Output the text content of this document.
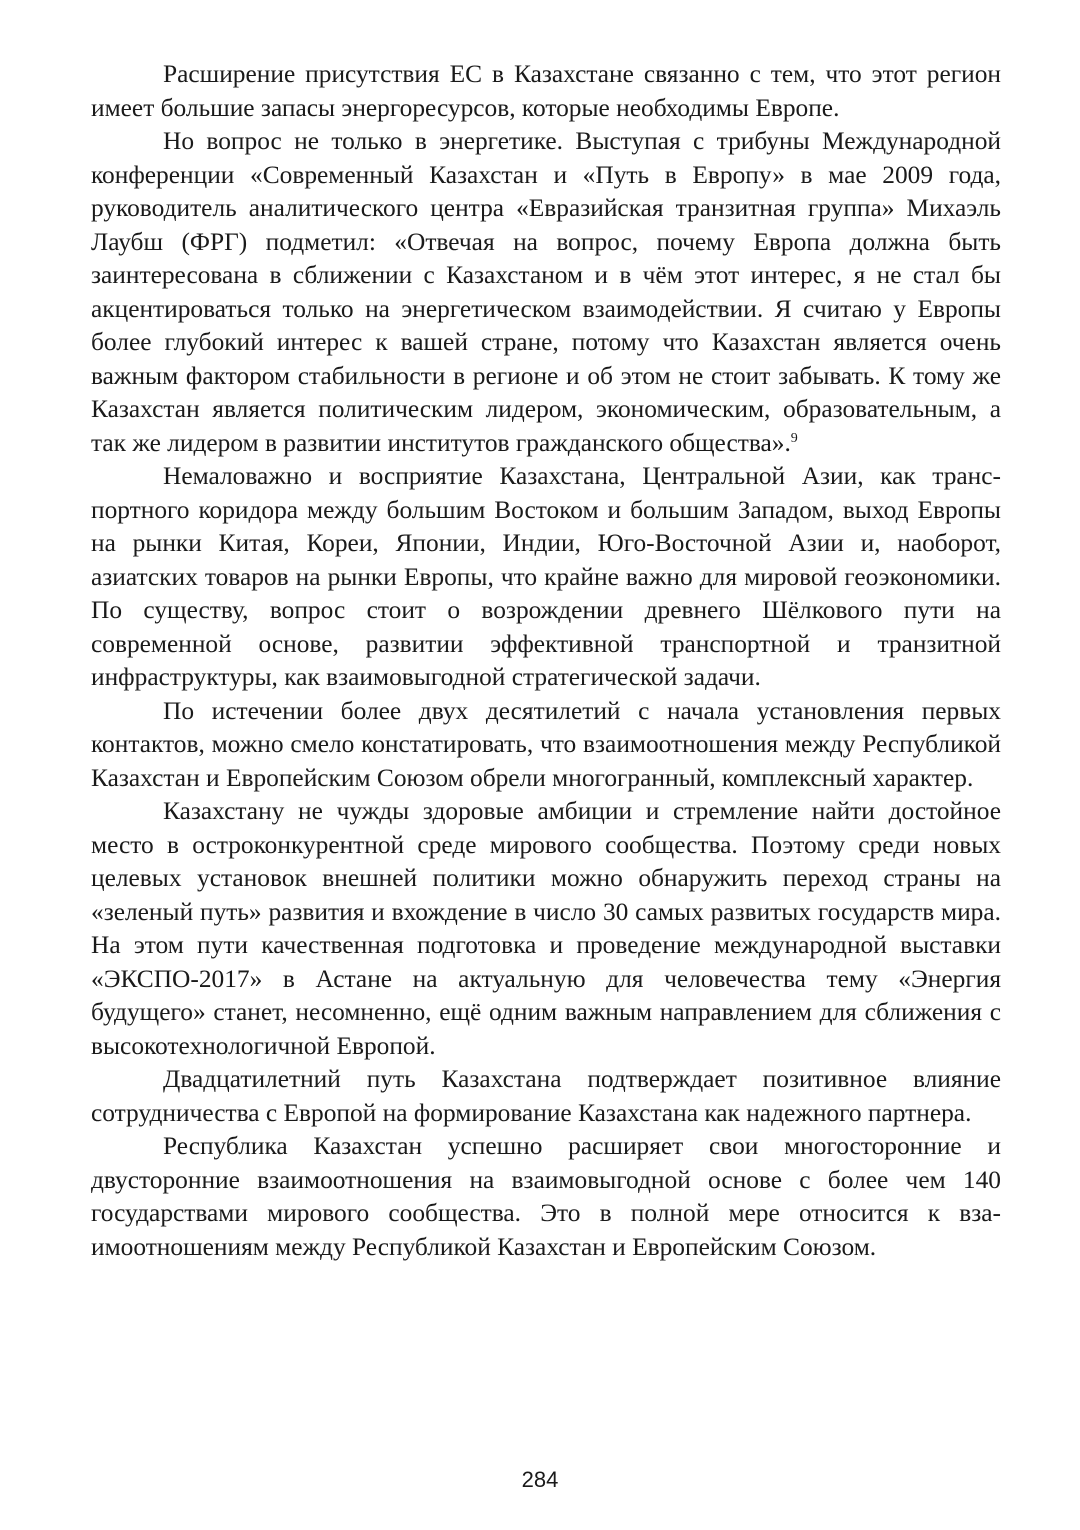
Расширение присутствия ЕС в Казахстане связанно с тем, что этот регион имеет большие запасы энергоресурсов, которые необходимы Европе.

Но вопрос не только в энергетике. Выступая с трибуны Международной конференции «Современный Казахстан и «Путь в Европу» в мае 2009 года, руководитель аналитического центра «Евразийская транзитная группа» Михаэль Лаубш (ФРГ) подметил: «Отвечая на вопрос, почему Европа должна быть заинтересована в сближении с Казахстаном и в чём этот интерес, я не стал бы акцентироваться только на энергетическом взаимодействии. Я считаю у Европы более глубокий интерес к вашей стране, потому что Казахстан является очень важным фактором стабильности в регионе и об этом не стоит забывать. К тому же Казахстан является политическим лидером, экономическим, образовательным, а так же лидером в развитии институтов гражданского общества».$^9$

Немаловажно и восприятие Казахстана, Центральной Азии, как транспортного коридора между большим Востоком и большим Западом, выход Европы на рынки Китая, Кореи, Японии, Индии, Юго-Восточной Азии и, наоборот, азиатских товаров на рынки Европы, что крайне важно для мировой геоэкономики. По существу, вопрос стоит о возрождении древнего Шёлкового пути на современной основе, развитии эффективной транспортной и транзитной инфраструктуры, как взаимовыгодной стратегической задачи.

По истечении более двух десятилетий с начала установления первых контактов, можно смело констатировать, что взаимоотношения между Республикой Казахстан и Европейским Союзом обрели многогранный, комплексный характер.

Казахстану не чужды здоровые амбиции и стремление найти достойное место в остроконкурентной среде мирового сообщества. Поэтому среди новых целевых установок внешней политики можно обнаружить переход страны на «зеленый путь» развития и вхождение в число 30 самых развитых государств мира. На этом пути качественная подготовка и проведение международной выставки «ЭКСПО-2017» в Астане на актуальную для человечества тему «Энергия будущего» станет, несомненно, ещё одним важным направлением для сближения с высокотехнологичной Европой.

Двадцатилетний путь Казахстана подтверждает позитивное влияние сотрудничества с Европой на формирование Казахстана как надежного партнера.

Республика Казахстан успешно расширяет свои многосторонние и двусторонние взаимоотношения на взаимовыгодной основе с более чем 140 государствами мирового сообщества. Это в полной мере относится к взаимоотношениям между Республикой Казахстан и Европейским Союзом.

284
